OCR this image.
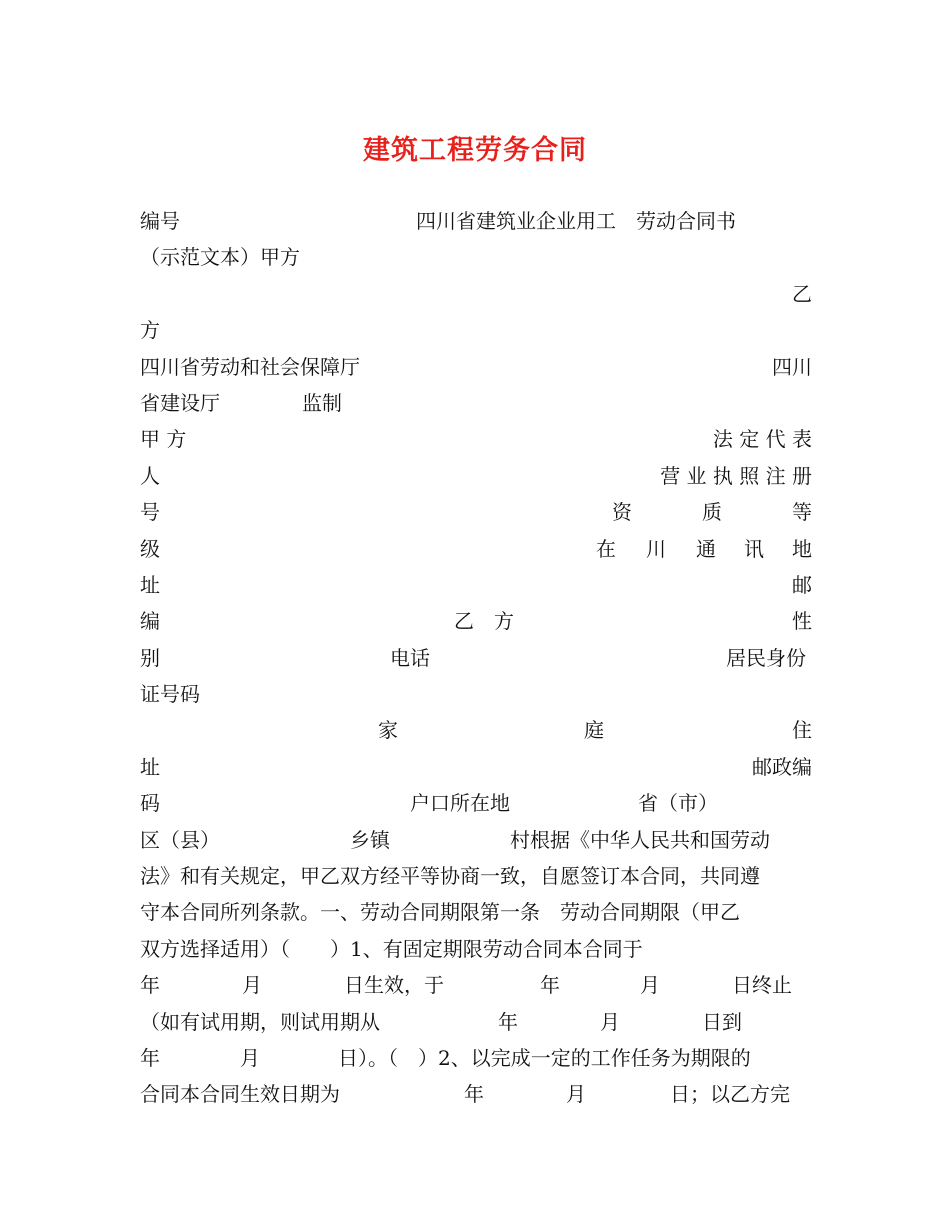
建筑工程劳务合同
编号	四川省建筑业企业用工　劳动合同书
（示范文本）甲方
乙
方
四川省劳动和社会保障厅	四川
省建设厅	监制
甲 方	法 定 代 表
人	营 业 执 照 注 册
号	资	质	等
级	在 川 通 讯 地
址	邮
编	乙　方	性
别	电话	居民身份
证号码
家	庭	住
址	邮政编
码	户口所在地	省（市）
区（县）	乡镇	村根据《中华人民共和国劳动
法》和有关规定，甲乙双方经平等协商一致，自愿签订本合同，共同遵
守本合同所列条款。一、劳动合同期限第一条　劳动合同期限（甲乙
双方选择适用）（　　）1、有固定期限劳动合同本合同于
年	月	日生效，于	年	月	日终止
（如有试用期，则试用期从	年	月	日到
年	月	日）。（　）2、以完成一定的工作任务为期限的
合同本合同生效日期为	年	月	日；以乙方完
